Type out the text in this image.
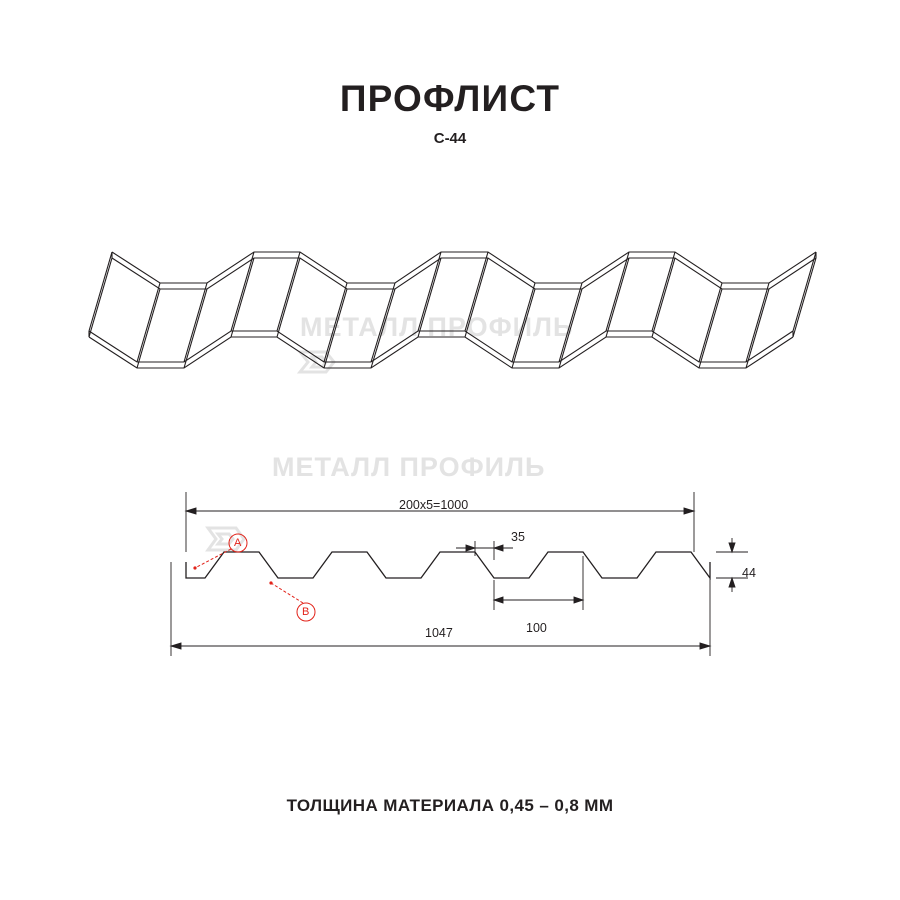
ПРОФЛИСТ
С-44
МЕТАЛЛ ПРОФИЛЬ
МЕТАЛЛ ПРОФИЛЬ
200х5=1000
35
100
44
1047
A
B
ТОЛЩИНА МАТЕРИАЛА 0,45 – 0,8 ММ
